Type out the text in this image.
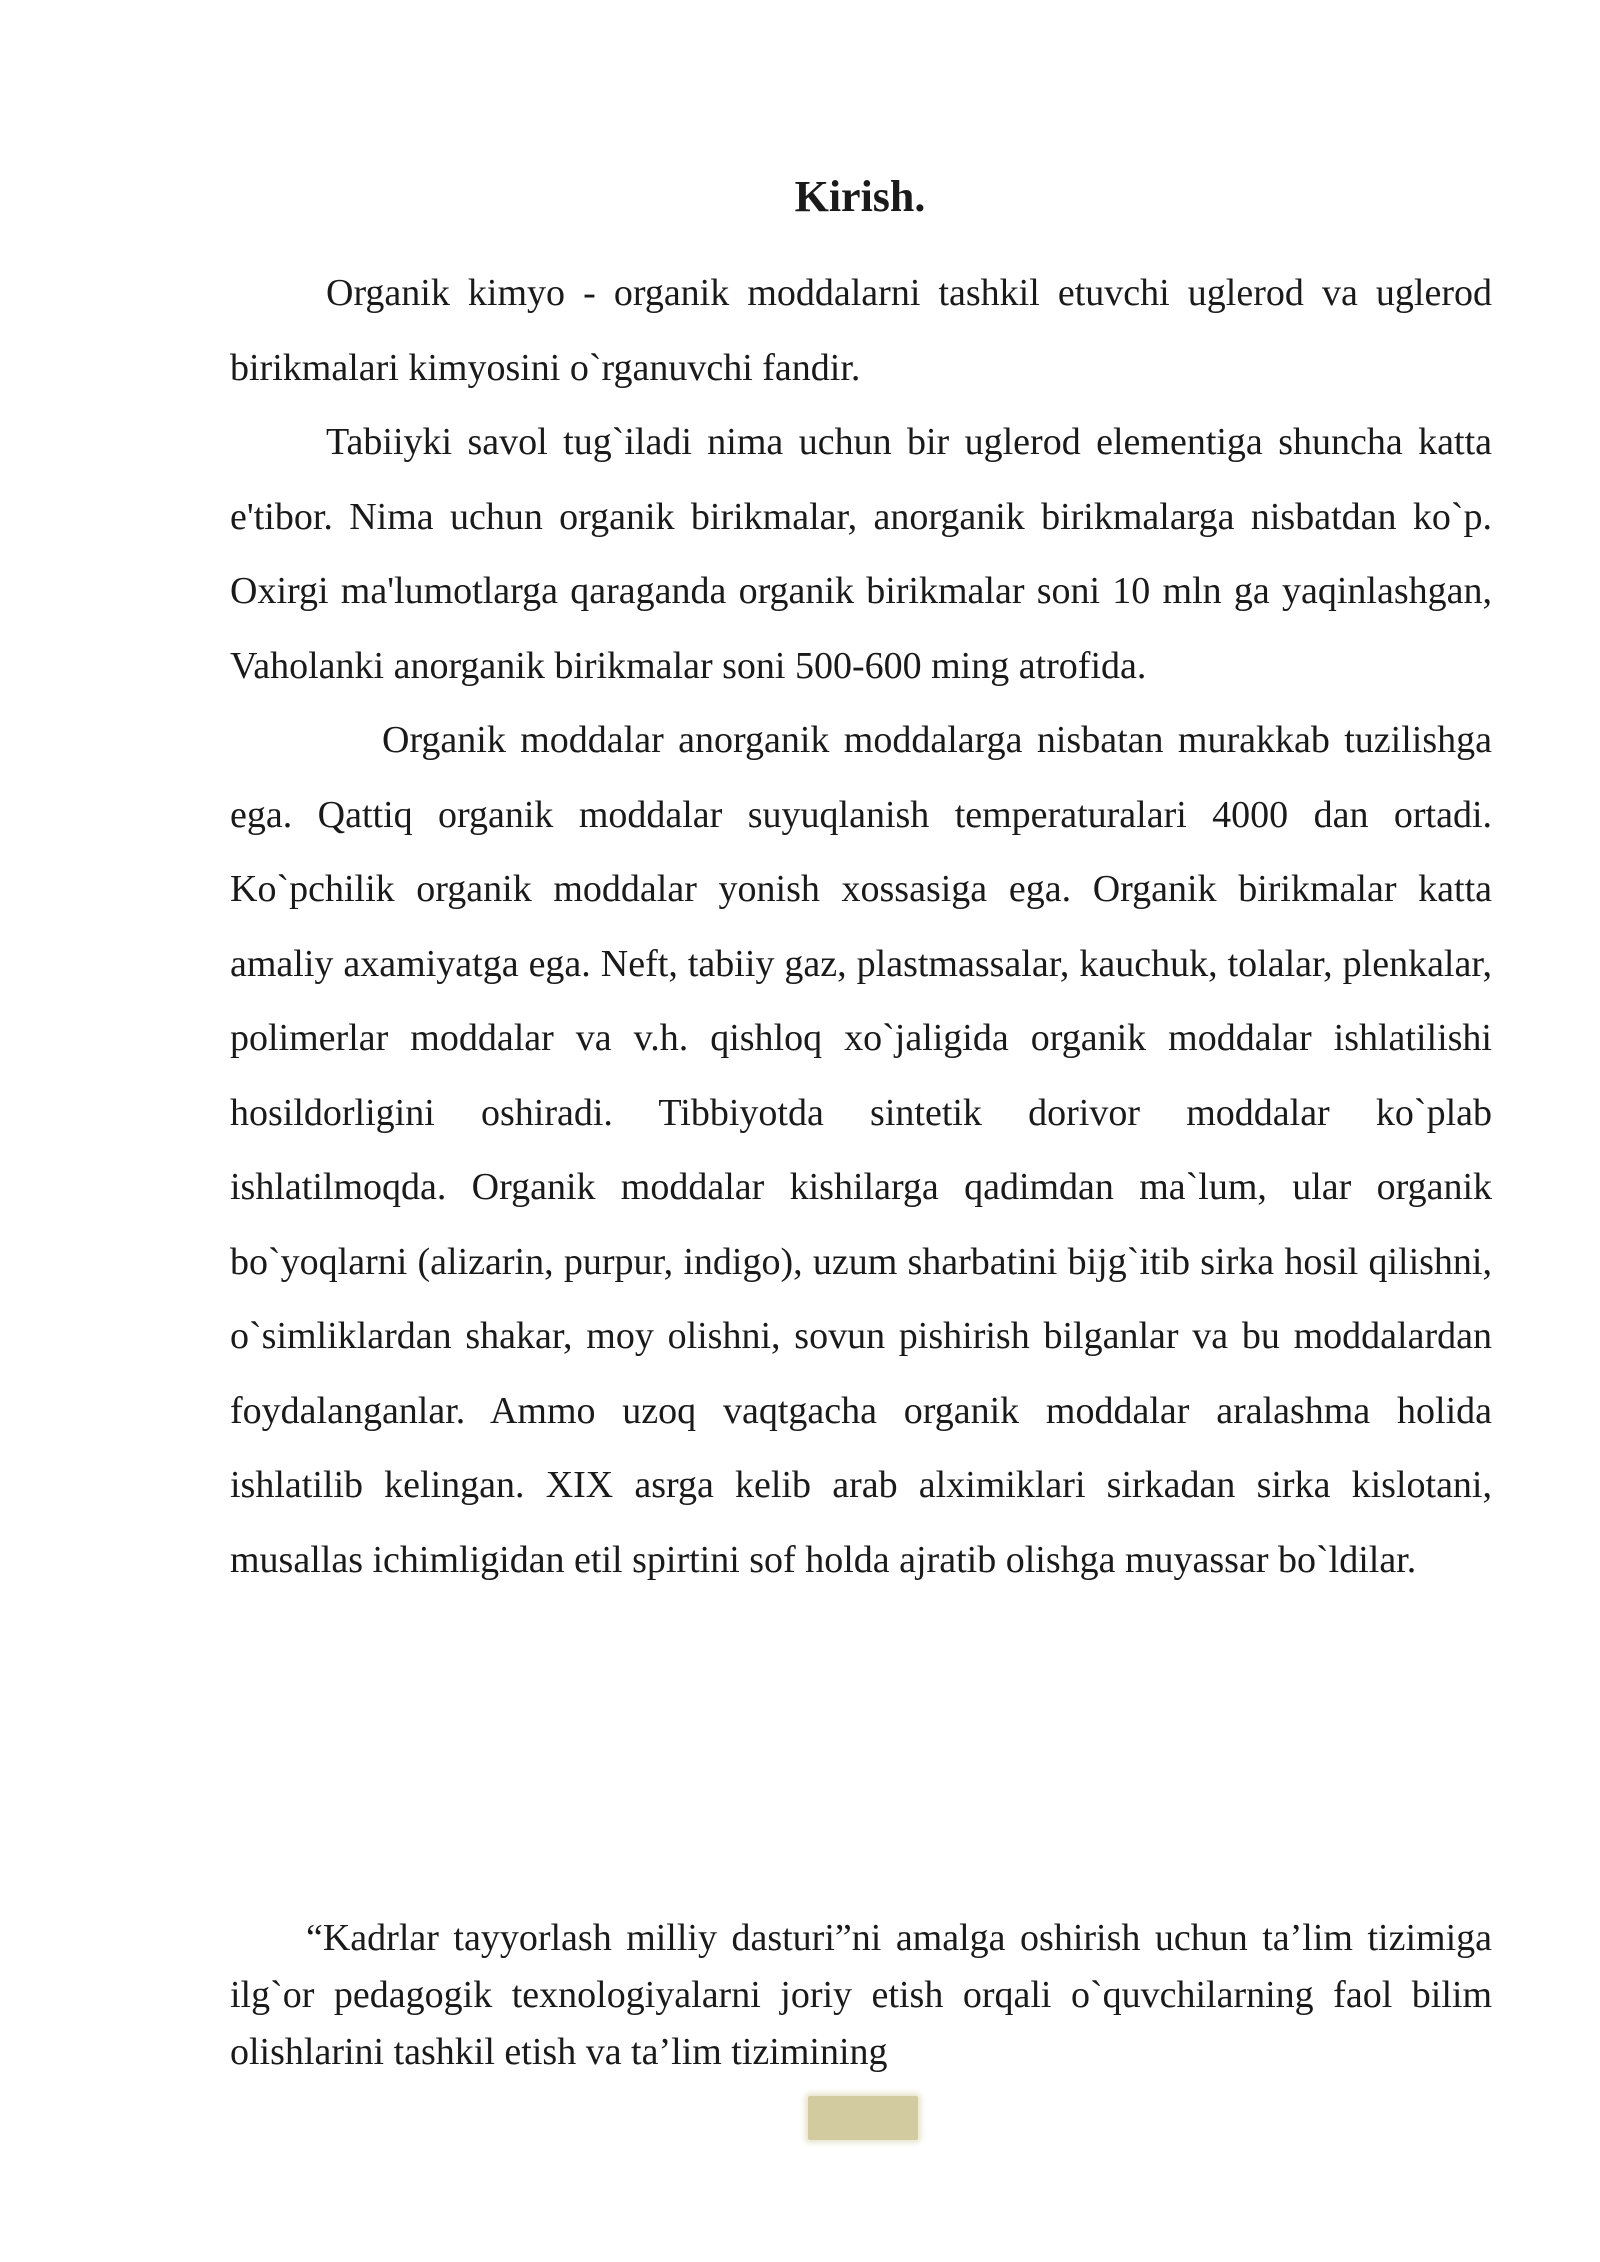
Kirish.

Organik kimyo - organik moddalarni tashkil etuvchi uglerod va uglerod birikmalari kimyosini o`rganuvchi fandir.

Tabiiyki savol tug`iladi nima uchun bir uglerod elementiga shuncha katta e'tibor. Nima uchun organik birikmalar, anorganik birikmalarga nisbatdan ko`p. Oxirgi ma'lumotlarga qaraganda organik birikmalar soni 10 mln ga yaqinlashgan, Vaholanki anorganik birikmalar soni 500-600 ming atrofida.

Organik moddalar anorganik moddalarga nisbatan murakkab tuzilishga ega. Qattiq organik moddalar suyuqlanish temperaturalari 4000 dan ortadi. Ko`pchilik organik moddalar yonish xossasiga ega. Organik birikmalar katta amaliy axamiyatga ega. Neft, tabiiy gaz, plastmassalar, kauchuk, tolalar, plenkalar, polimerlar moddalar va v.h. qishloq xo`jaligida organik moddalar ishlatilishi hosildorligini oshiradi. Tibbiyotda sintetik dorivor moddalar ko`plab ishlatilmoqda. Organik moddalar kishilarga qadimdan ma`lum, ular organik bo`yoqlarni (alizarin, purpur, indigo), uzum sharbatini bijg`itib sirka hosil qilishni, o`simliklardan shakar, moy olishni, sovun pishirish bilganlar va bu moddalardan foydalanganlar. Ammo uzoq vaqtgacha organik moddalar aralashma holida ishlatilib kelingan. XIX asrga kelib arab alximiklari sirkadan sirka kislotani, musallas ichimligidan etil spirtini sof holda ajratib olishga muyassar bo`ldilar.

“Kadrlar tayyorlash milliy dasturi”ni amalga oshirish uchun ta’lim tizimiga ilg`or pedagogik texnologiyalarni joriy etish orqali o`quvchilarning faol bilim olishlarini tashkil etish va ta’lim tizimining
